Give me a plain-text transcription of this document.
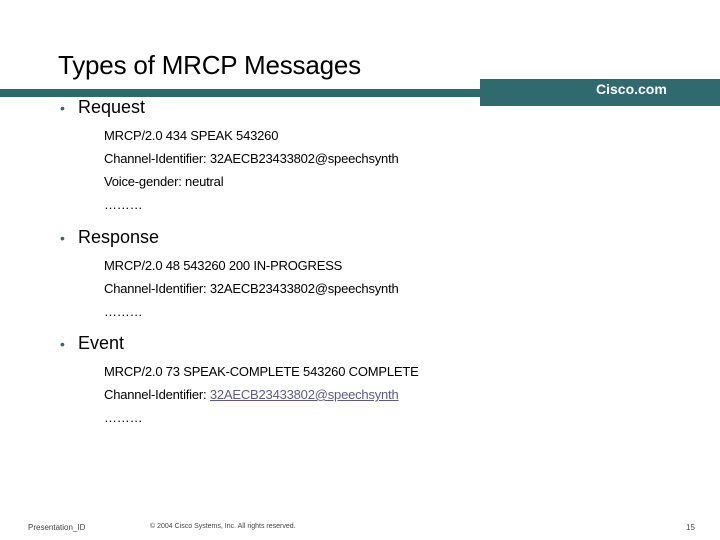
Types of MRCP Messages
Cisco.com
• Request
MRCP/2.0 434 SPEAK 543260
Channel-Identifier: 32AECB23433802@speechsynth
Voice-gender: neutral
………
• Response
MRCP/2.0 48 543260 200 IN-PROGRESS
Channel-Identifier: 32AECB23433802@speechsynth
………
• Event
MRCP/2.0 73 SPEAK-COMPLETE 543260 COMPLETE
Channel-Identifier: 32AECB23433802@speechsynth
………
Presentation_ID	© 2004 Cisco Systems, Inc. All rights reserved.	15
